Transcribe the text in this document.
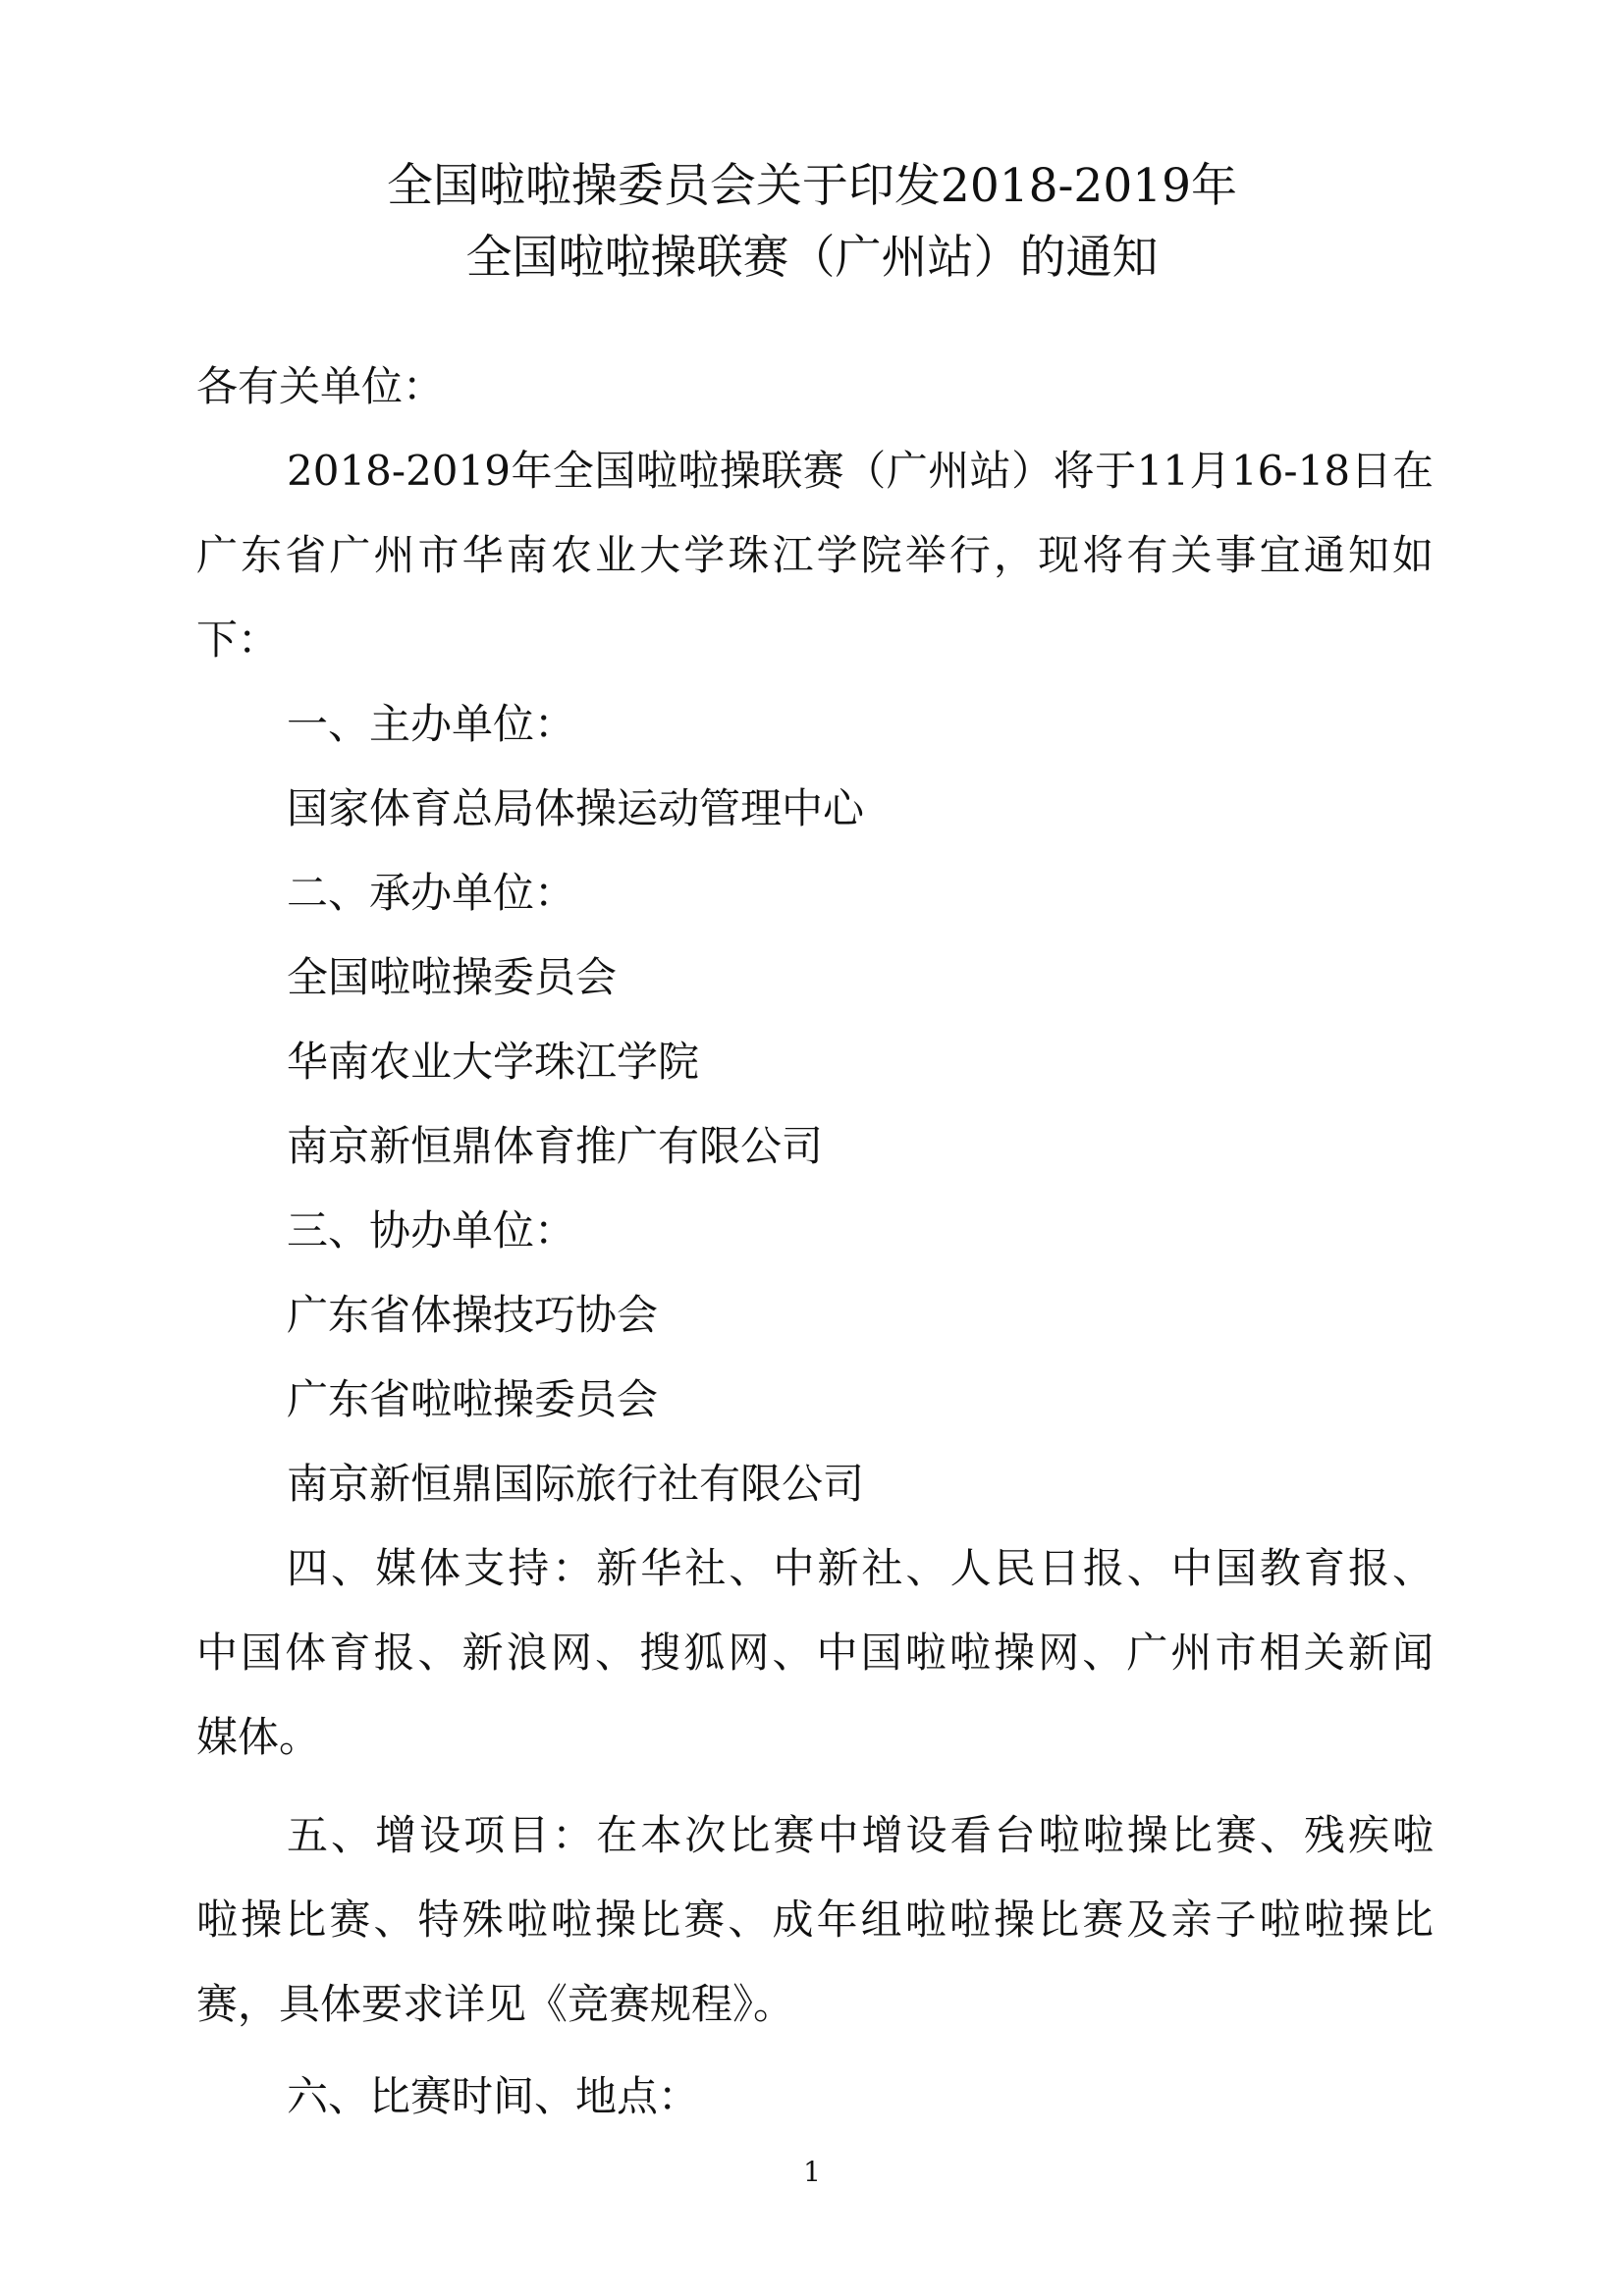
全国啦啦操委员会关于印发2018-2019年
全国啦啦操联赛（广州站）的通知
各有关单位：
2018-2019年全国啦啦操联赛（广州站）将于11月16-18日在
广东省广州市华南农业大学珠江学院举行，现将有关事宜通知如
下：
一、主办单位：
国家体育总局体操运动管理中心
二、承办单位：
全国啦啦操委员会
华南农业大学珠江学院
南京新恒鼎体育推广有限公司
三、协办单位：
广东省体操技巧协会
广东省啦啦操委员会
南京新恒鼎国际旅行社有限公司
四、媒体支持：新华社、中新社、人民日报、中国教育报、
中国体育报、新浪网、搜狐网、中国啦啦操网、广州市相关新闻
媒体。
五、增设项目：在本次比赛中增设看台啦啦操比赛、残疾啦
啦操比赛、特殊啦啦操比赛、成年组啦啦操比赛及亲子啦啦操比
赛，具体要求详见《竞赛规程》。
六、比赛时间、地点：
1
